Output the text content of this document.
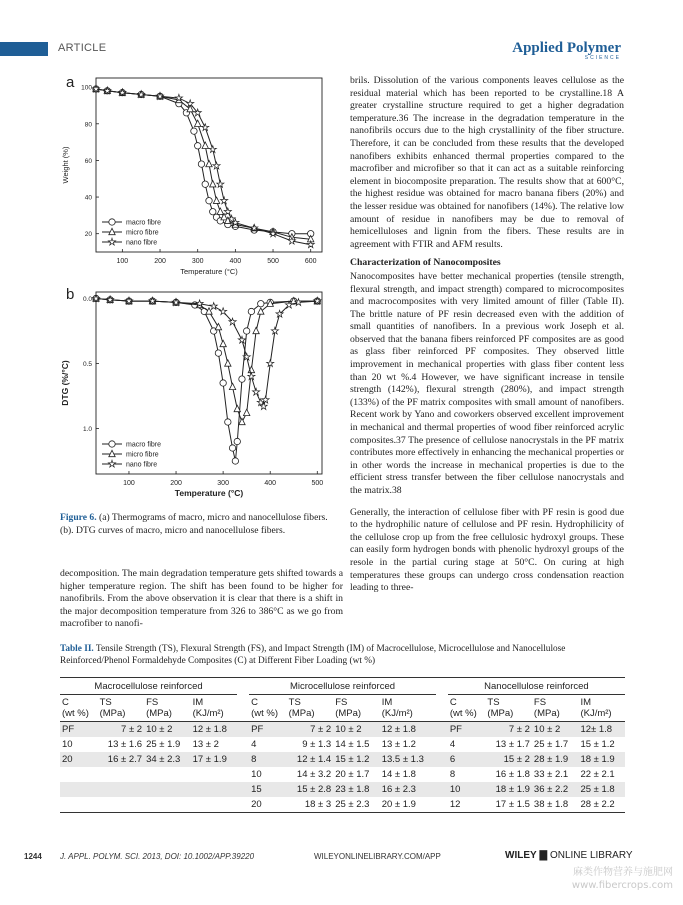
ARTICLE	Applied Polymer
SCIENCE
a
100	200	300	400	500	600
100
80
60
40
20
Temperature (°C)
Weight (%)
macro fibre
micro fibre
nano fibre
b
100	200	300	400	500
0.0
0.5
1.0
Temperature (°C)
DTG (%/°C)
macro fibre
micro fibre
nano fibre
Figure 6. (a) Thermograms of macro, micro and nanocellulose fibers. (b). DTG curves of macro, micro and nanocellulose fibers.

decomposition. The main degradation temperature gets shifted towards a higher temperature region. The shift has been found to be higher for nanofibrils. From the above observation it is clear that there is a shift in the major decomposition temperature from 326 to 386°C as we go from macrofiber to nanofi-

brils. Dissolution of the various components leaves cellulose as the residual material which has been reported to be crystalline.18 A greater crystalline structure required to get a higher degradation temperature.36 The increase in the degradation temperature in the nanofibrils occurs due to the high crystallinity of the fiber structure. Therefore, it can be concluded from these results that the developed nanofibers exhibits enhanced thermal properties compared to the macrofiber and microfiber so that it can act as a suitable reinforcing element in biocomposite preparation. The results show that at 600°C, the highest residue was obtained for macro banana fibers (20%) and the lesser residue was obtained for nanofibers (14%). The relative low amount of residue in nanofibers may be due to removal of hemicelluloses and lignin from the fibers. These results are in agreement with FTIR and AFM results.

Characterization of Nanocomposites

Nanocomposites have better mechanical properties (tensile strength, flexural strength, and impact strength) compared to microcomposites and macrocomposites with very limited amount of filler (Table II). The brittle nature of PF resin decreased even with the addition of small quantities of nanofibers. In a previous work Joseph et al. observed that the banana fibers reinforced PF composites are as good as glass fiber reinforced PF composites. They observed little improvement in mechanical properties with glass fiber content less than 20 wt %.4 However, we have significant increase in tensile strength (142%), flexural strength (280%), and impact strength (133%) of the PF matrix composites with small amount of nanofibers. Recent work by Yano and coworkers observed excellent improvement in mechanical and thermal properties of wood fiber reinforced acrylic composites.37 The presence of cellulose nanocrystals in the PF matrix contributes more effectively in enhancing the mechanical properties or in other words the increase in mechanical properties is due to the efficient stress transfer between the fiber cellulose nanocrystals and the matrix.38

Generally, the interaction of cellulose fiber with PF resin is good due to the hydrophilic nature of cellulose and PF resin. Hydrophilicity of the cellulose crop up from the free cellulosic hydroxyl groups. These can easily form hydrogen bonds with phenolic hydroxyl groups of the resole in the partial curing stage at 50°C. On curing at high temperatures these groups can undergo cross condensation reaction leading to three-

Table II. Tensile Strength (TS), Flexural Strength (FS), and Impact Strength (IM) of Macrocellulose, Microcellulose and Nanocellulose Reinforced/Phenol Formaldehyde Composites (C) at Different Fiber Loading (wt %)
Macrocellulose reinforced					Microcellulose reinforced					Nanocellulose reinforced			
C
(wt %)	TS
(MPa)	FS
(MPa)	IM
(KJ/m²)		C
(wt %)	TS
(MPa)	FS
(MPa)	IM
(KJ/m²)		C
(wt %)	TS
(MPa)	FS
(MPa)	IM
(KJ/m²)
PF	7 ± 2	10 ± 2	12 ± 1.8		PF	7 ± 2	10 ± 2	12 ± 1.8		PF	7 ± 2	10 ± 2	12± 1.8
10	13 ± 1.6	25 ± 1.9	13 ± 2		4	9 ± 1.3	14 ± 1.5	13 ± 1.2		4	13 ± 1.7	25 ± 1.7	15 ± 1.2
20	16 ± 2.7	34 ± 2.3	17 ± 1.9		8	12 ± 1.4	15 ± 1.2	13.5 ± 1.3		6	15 ± 2	28 ± 1.9	18 ± 1.9
					10	14 ± 3.2	20 ± 1.7	14 ± 1.8		8	16 ± 1.8	33 ± 2.1	22 ± 2.1
					15	15 ± 2.8	23 ± 1.8	16 ± 2.3		10	18 ± 1.9	36 ± 2.2	25 ± 1.8
					20	18 ± 3	25 ± 2.3	20 ± 1.9		12	17 ± 1.5	38 ± 1.8	28 ± 2.2
1244 J. APPL. POLYM. SCI. 2013, DOI: 10.1002/APP.39220	WILEYONLINELIBRARY.COM/APP	WILEY ▇ ONLINE LIBRARY
麻类作物营养与施肥网
www.fibercrops.com
